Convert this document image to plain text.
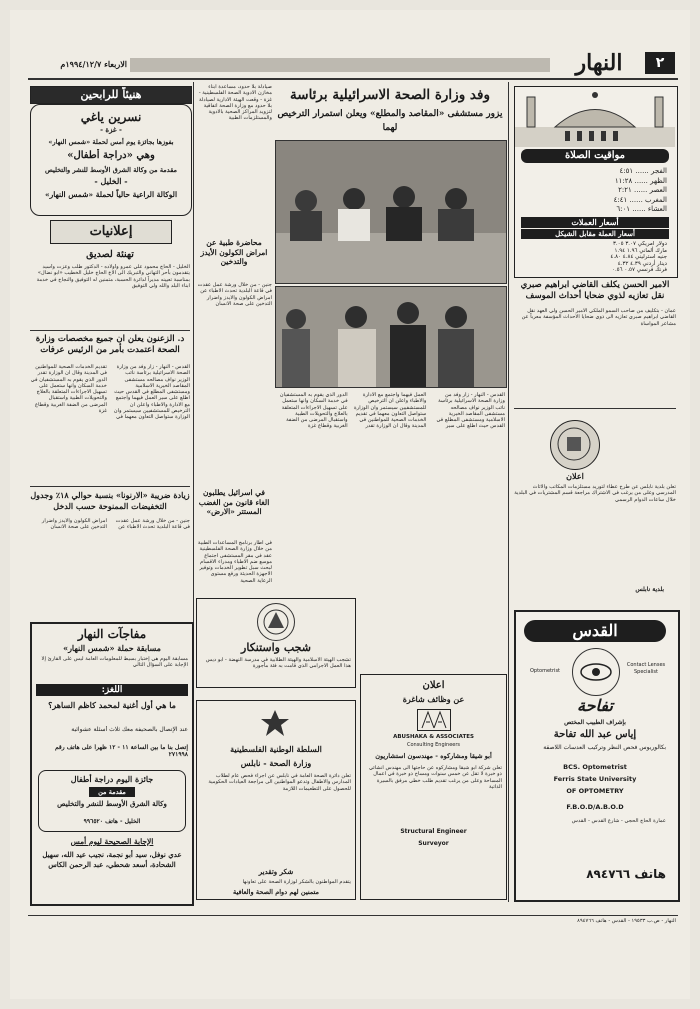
٢
النهار
الاربعاء ١٩٩٤/١٢/٧م
مواقيت الصلاة
الفجر ...... ٤:٥١
الظهر ...... ١١:٢٨
العصر ...... ٢:٢١
المغرب ...... ٤:٤١
العشاء ...... ٦:٠١
أسعار العملات
أسعار العملة مقابل الشيكل
دولار أمريكي ٣.٠٧ ٣.٠٥
مارك ألماني ١.٩٦ ١.٩٤
جنيه استرليني ٤.٨٤ ٤.٨٠
دينار أردني ٤.٣٩ ٤.٣٢
فرنك فرنسي ٠.٥٧ ٠.٥٦
الامير الحسن يكلف القاضي ابراهيم صبري نقل تعازيه لذوي ضحايا أحداث الموسف
عمان - بتكليف من صاحب السمو الملكي الامير الحسن ولي العهد نقل القاضي ابراهيم صبري تعازيه الى ذوي ضحايا الاحداث المؤسفة معرباً عن مشاعر المواساة
اعلان
تعلن بلدية نابلس عن طرح عطاء لتوريد مستلزمات المكاتب والاثاث المدرسي وعلى من يرغب في الاشتراك مراجعة قسم المشتريات في البلدية خلال ساعات الدوام الرسمي
بلدية نابلس
القدس
Optometrist
Contact Lenses Specialist
تفاحة
بإشراف الطبيب المختص
إياس عبد الله تفاحة
بكالوريوس فحص النظر وتركيب العدسات اللاصقة
BCS. Optometrist
Ferris State University
OF OPTOMETRY
F.B.O.D/A.B.O.D
عمارة الحاج الحجي - شارع القدس - القدس
هاتف ٨٩٤٧٦٦
وفد وزارة الصحة الاسرائيلية برئاسة
يزور مستشفى «المقاصد والمطلع» ويعلن استمرار الترخيص لهما
القدس - النهار - زار وفد من وزارة الصحة الاسرائيلية برئاسة نائب الوزير نواف مصالحه مستشفى المقاصد الخيرية الاسلامية ومستشفى المطلع في القدس حيث اطلع على سير العمل فيهما واجتمع مع الادارة والاطباء واعلن ان الترخيص للمستشفيين سيستمر وان الوزارة ستواصل التعاون معهما في تقديم الخدمات الصحية للمواطنين في المدينة وقال ان الوزارة تقدر الدور الذي يقوم به المستشفيان في خدمة السكان وانها ستعمل على تسهيل الاجراءات المتعلقة بالعلاج والتحويلات الطبية واستقبال المرضى من الضفة الغربية وقطاع غزة
صيادلة بلا حدود، مساعدة ابناء مخازن الادوية الصحة الفلسطينية - غزة - وقعت الهيئة الادارية لصيادلة بلا حدود مع وزارة الصحة اتفاقية لتزويد المراكز الصحية بالادوية والمستلزمات الطبية
محاضرة طبية عن امراض الكولون الأيدز والتدخين
جنين - من خلال ورشة عمل عقدت في قاعة البلدية تحدث الاطباء عن امراض الكولون والايدز واضرار التدخين على صحة الانسان
في اسرائيل يطلبون الغاء قانون من الغضب المستتر «الارض»
في اطار برنامج المساعدات الطبية من خلال وزارة الصحة الفلسطينية عقد في مقر المستشفى اجتماع موسع ضم الاطباء ومدراء الاقسام لبحث سبل تطوير الخدمات وتوفير الاجهزة الحديثة ورفع مستوى الرعاية الصحية
شجب واستنكار
تشجب الهيئة الاسلامية والهيئة الطلابية في مدرسة النهضة - ابو ديس هذا العمل الاجرامي الذي قامت به فئة مأجورة
السلطة الوطنية الفلسطينية
وزارة الصحة - نابلس
تعلن دائرة الصحة العامة في نابلس عن اجراء فحص عام لطلاب المدارس والاطفال وتدعو المواطنين الى مراجعة العيادات الحكومية للحصول على التطعيمات اللازمة
شكر وتقدير
يتقدم المواطنون بالشكر لوزارة الصحة على تعاونها
متمنين لهم دوام الصحة والعافية
اعلان
عن وظائف شاغرة
ABUSHAKA & ASSOCIATES
Consulting Engineers
أبو شيقا ومشاركوه - مهندسون استشاريون
تعلن شركة ابو شيقا ومشاركوه عن حاجتها الى مهندس انشائي ذو خبرة لا تقل عن خمس سنوات ومساح ذو خبرة في اعمال المساحة وعلى من يرغب تقديم طلب خطي مرفق بالسيرة الذاتية
Structural Engineer
Surveyor
هنيئاً للرابحين
نسرين ياغي
- غزة -
بفوزها بجائزة يوم أمس لحملة «شمس النهار»
وهي «دراجة أطفال»
مقدمة من وكالة الشرق الأوسط للنشر والتخليص
- الخليل -
الوكالة الراعية حالياً لحملة «شمس النهار»
إعلانيات
تهنئة لصديق
الخليل - الحاج محمود علي عمرو وأولاده - الدكتور طلب وعزت وأسيد يتقدمون بأحر التهاني والتبريك الى الاخ الحاج خليل الخطيب «ابو نضال» بمناسبة تعيينه مديراً لدائرة الحسبة، متمنين له التوفيق والنجاح في خدمة ابناء البلد والله ولي التوفيق
د. الزعنون يعلن ان جميع مخصصات وزارة الصحة اعتمدت بأمر من الرئيس عرفات
القدس - النهار - زار وفد من وزارة الصحة الاسرائيلية برئاسة نائب الوزير نواف مصالحه مستشفى المقاصد الخيرية الاسلامية ومستشفى المطلع في القدس حيث اطلع على سير العمل فيهما واجتمع مع الادارة والاطباء واعلن ان الترخيص للمستشفيين سيستمر وان الوزارة ستواصل التعاون معهما في تقديم الخدمات الصحية للمواطنين في المدينة وقال ان الوزارة تقدر الدور الذي يقوم به المستشفيان في خدمة السكان وانها ستعمل على تسهيل الاجراءات المتعلقة بالعلاج والتحويلات الطبية واستقبال المرضى من الضفة الغربية وقطاع غزة
زيادة ضريبة «الارنونا» بنسبة حوالي ١٨٪ وجدول التخفيضات الممنوحة حسب الدخل
جنين - من خلال ورشة عمل عقدت في قاعة البلدية تحدث الاطباء عن امراض الكولون والايدز واضرار التدخين على صحة الانسان
مفاجآت النهار
مسابقة حملة «شمس النهار»
مسابقة اليوم هي إختبار بسيط للمعلومات العامة ليس على القارئ إلا الإجابة على السؤال التالي
اللغز:
ما هي أول أغنية لمحمد كاظم الساهر؟
عند الإتصال بالصحيفة معك ثلاث أسئلة عشوائية
إتصل بنا ما بين الساعة ١١ - ١٢ ظهراً على هاتف رقم ٢٧١٩٩٨
جائزة اليوم دراجة أطفال
مقدمة من
وكالة الشرق الأوسط للنشر والتخليص
الخليل - هاتف ٩٩٦٥٢٠
الإجابة الصحيحة ليوم أمس
عدي نوفل، سيد أبو نجمة، نجيب عيد الله، سهيل الشحادة، أسعد شحطي، عبد الرحمن الكاس
النهار - ص.ب ١٩٥٣٣ - القدس - هاتف ٨٩٤٧٦٦
